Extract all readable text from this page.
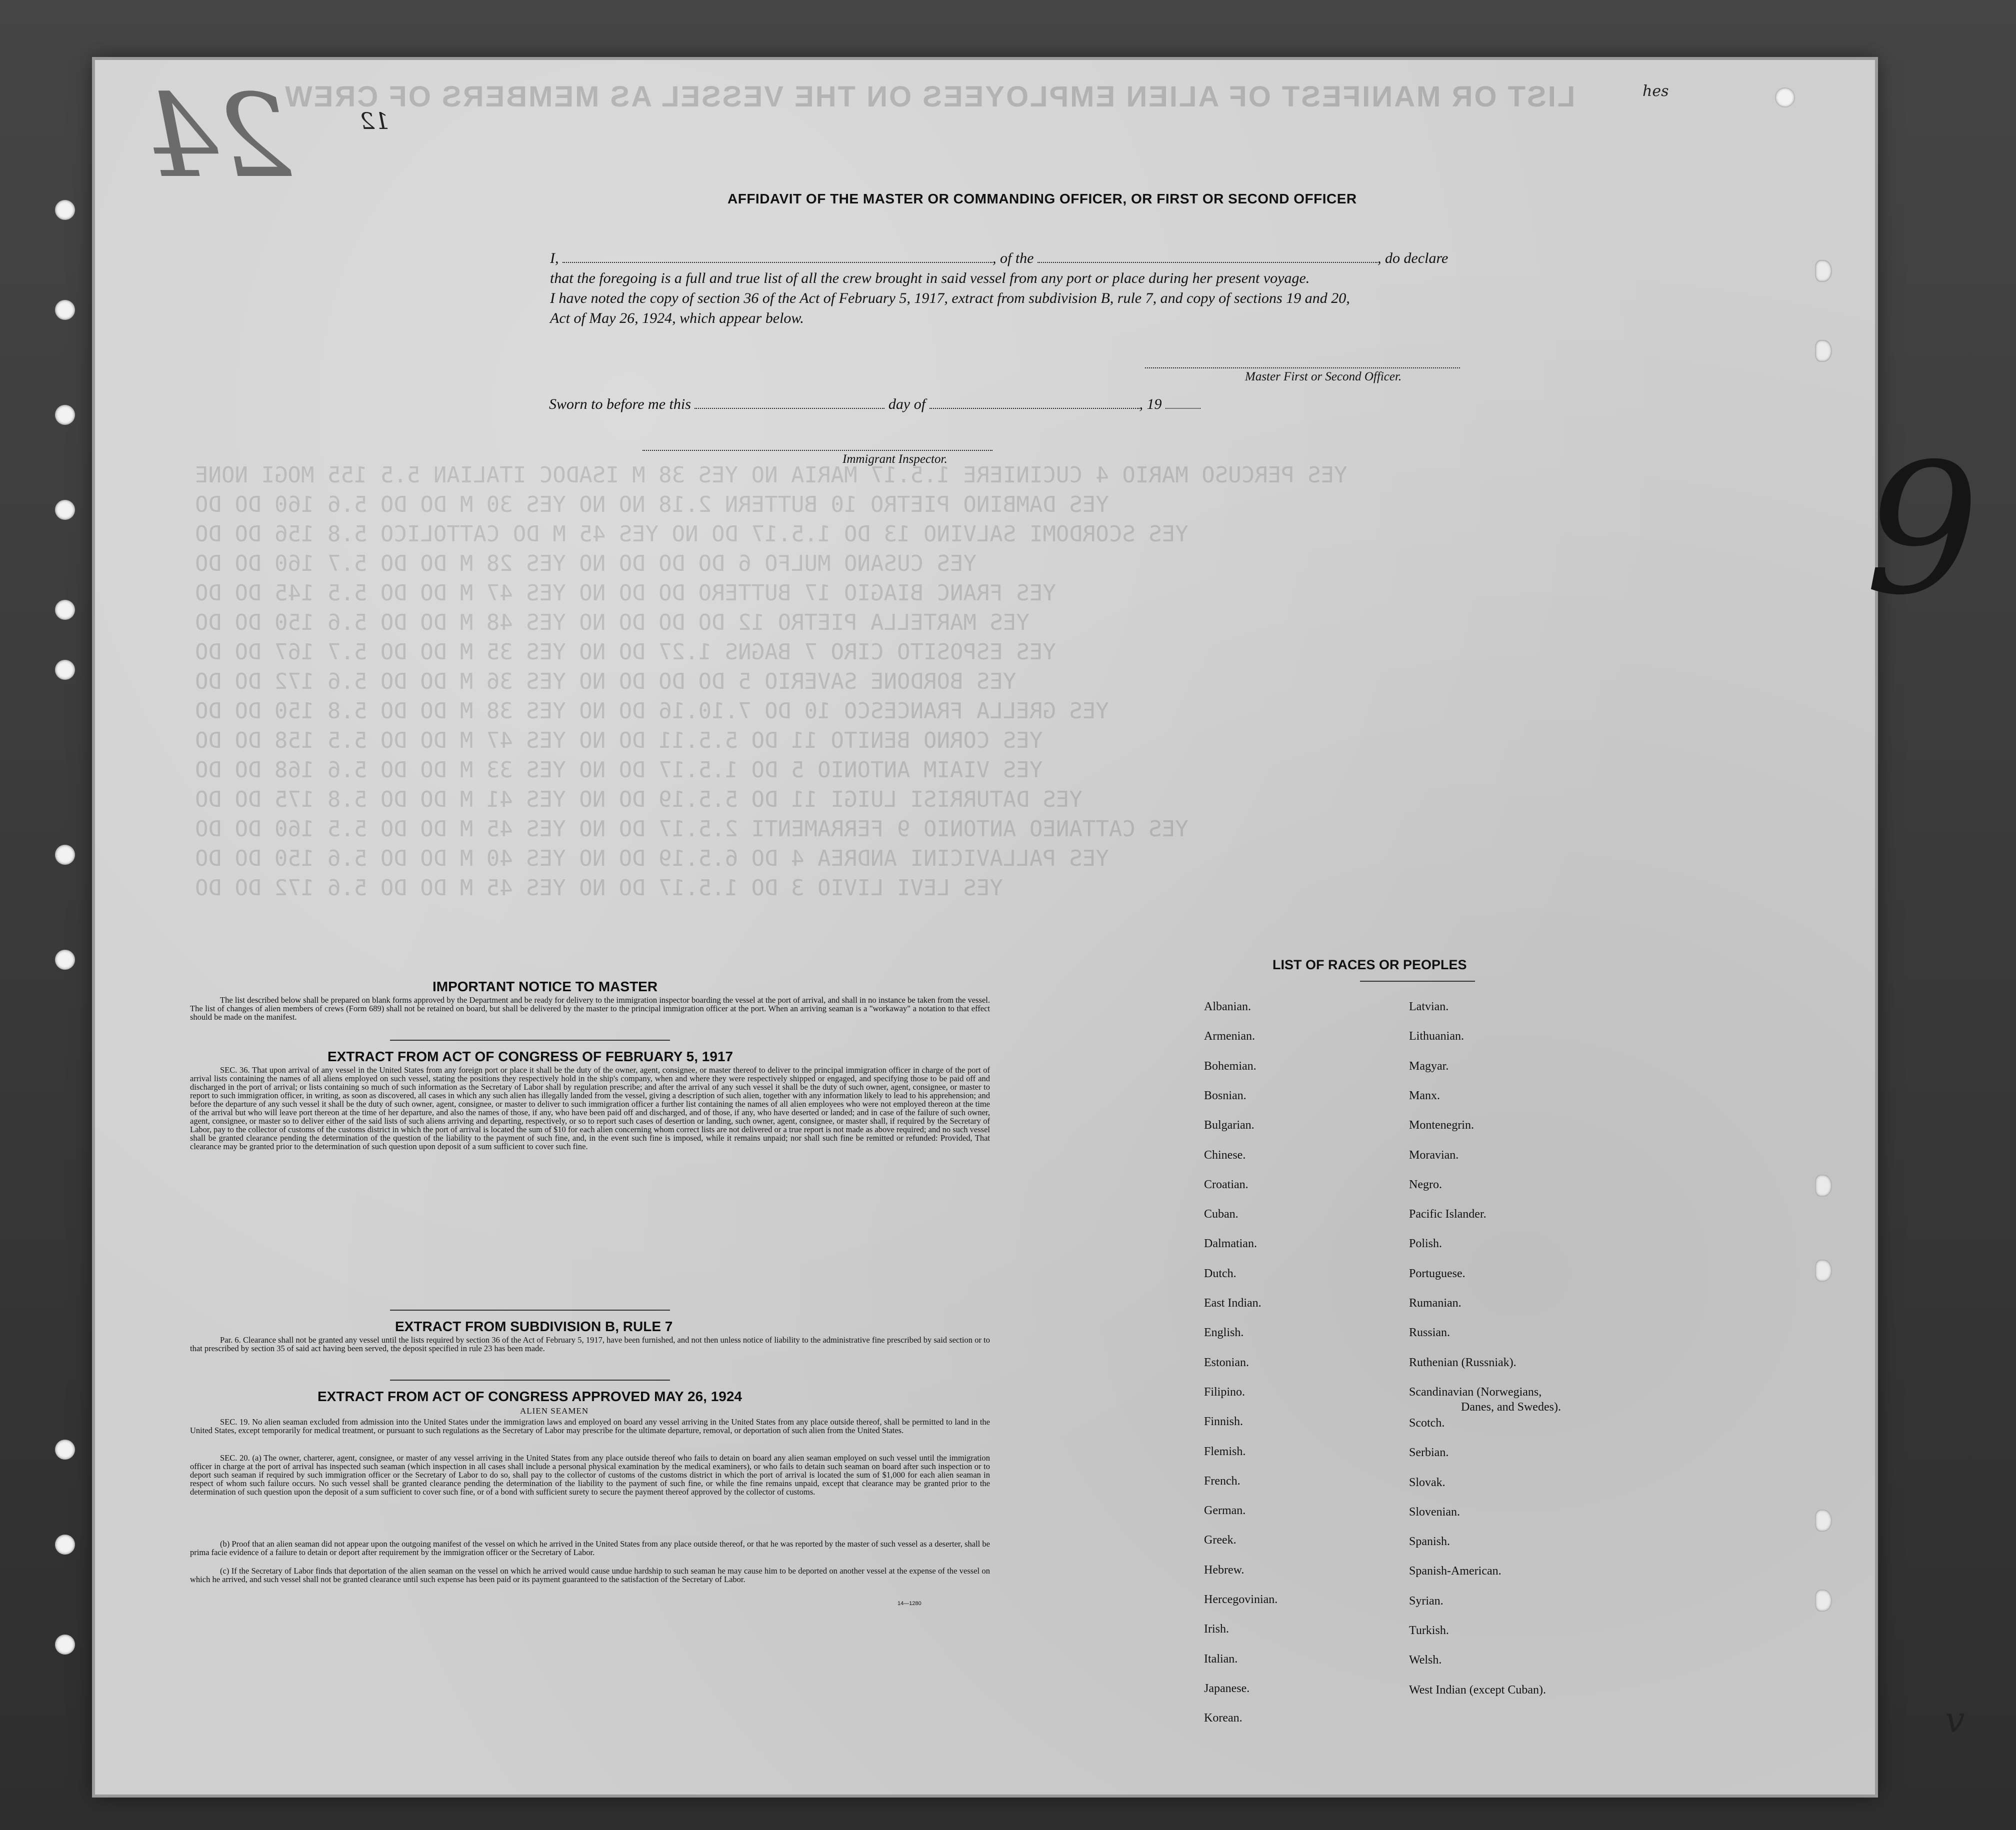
LIST OR MANIFEST OF ALIEN EMPLOYEES ON THE VESSEL AS MEMBERS OF CREW
YES PERCUSO MARIO 4 CUCINIERE 1.5.17 MARIA NO YES 38 M ISADOC ITALIAN 5.5 155 MOGI NONE
YES DAMBINO PIETRO 10 BUTTERN 2.18 NO NO YES 30 M DO DO 5.6 160 DO DO
YES SCORDOMI SALVINO 13 DO 1.5.17 DO NO YES 45 M DO CATTOLICO 5.8 156 DO DO
YES CUSANO MULFO 6 DO DO DO NO YES 28 M DO DO 5.7 160 DO DO
YES FRANC BIAGIO 17 BUTTERO DO DO NO YES 47 M DO DO 5.5 145 DO DO
YES MARTELLA PIETRO 12 DO DO DO NO YES 48 M DO DO 5.6 150 DO DO
YES ESPOSITO CIRO 7 BAGNS 1.27 DO NO YES 35 M DO DO 5.7 167 DO DO
YES BORDONE SAVERIO 5 DO DO DO NO YES 36 M DO DO 5.6 172 DO DO
YES GRELLA FRANCESCO 10 DO 7.10.16 DO NO YES 38 M DO DO 5.8 150 DO DO
YES CORNO BENITO 11 DO 5.5.11 DO NO YES 47 M DO DO 5.5 158 DO DO
YES VIAIM ANTONIO 5 DO 1.5.17 DO NO YES 33 M DO DO 5.6 168 DO DO
YES DATURRISI LUIGI 11 DO 5.5.19 DO NO YES 41 M DO DO 5.8 175 DO DO
YES CATTANEO ANTONIO 9 FERRAMENTI 2.5.17 DO NO YES 45 M DO DO 5.5 160 DO DO
YES PALLAVICINI ANDREA 4 DO 6.5.19 DO NO YES 40 M DO DO 5.6 150 DO DO
YES LEVI LIVIO 3 DO 1.5.17 DO NO YES 45 M DO DO 5.6 172 DO DO
24	12
9
hes
v
AFFIDAVIT OF THE MASTER OR COMMANDING OFFICER, OR FIRST OR SECOND OFFICER
I,	, of the	, do declare
that the foregoing is a full and true list of all the crew brought in said vessel from any port or place during her present voyage.
I have noted the copy of section 36 of the Act of February 5, 1917, extract from subdivision B, rule 7, and copy of sections 19 and 20,
Act of May 26, 1924, which appear below.
Master First or Second Officer.
Sworn to before me this	day of	, 19
Immigrant Inspector.
IMPORTANT NOTICE TO MASTER
The list described below shall be prepared on blank forms approved by the Department and be ready for delivery to the immigration inspector boarding the vessel at the port of arrival, and shall in no instance be taken from the vessel. The list of changes of alien members of crews (Form 689) shall not be retained on board, but shall be delivered by the master to the principal immigration officer at the port. When an arriving seaman is a "workaway" a notation to that effect should be made on the manifest.
EXTRACT FROM ACT OF CONGRESS OF FEBRUARY 5, 1917
SEC. 36. That upon arrival of any vessel in the United States from any foreign port or place it shall be the duty of the owner, agent, consignee, or master thereof to deliver to the principal immigration officer in charge of the port of arrival lists containing the names of all aliens employed on such vessel, stating the positions they respectively hold in the ship's company, when and where they were respectively shipped or engaged, and specifying those to be paid off and discharged in the port of arrival; or lists containing so much of such information as the Secretary of Labor shall by regulation prescribe; and after the arrival of any such vessel it shall be the duty of such owner, agent, consignee, or master to report to such immigration officer, in writing, as soon as discovered, all cases in which any such alien has illegally landed from the vessel, giving a description of such alien, together with any information likely to lead to his apprehension; and before the departure of any such vessel it shall be the duty of such owner, agent, consignee, or master to deliver to such immigration officer a further list containing the names of all alien employees who were not employed thereon at the time of the arrival but who will leave port thereon at the time of her departure, and also the names of those, if any, who have been paid off and discharged, and of those, if any, who have deserted or landed; and in case of the failure of such owner, agent, consignee, or master so to deliver either of the said lists of such aliens arriving and departing, respectively, or so to report such cases of desertion or landing, such owner, agent, consignee, or master shall, if required by the Secretary of Labor, pay to the collector of customs of the customs district in which the port of arrival is located the sum of $10 for each alien concerning whom correct lists are not delivered or a true report is not made as above required; and no such vessel shall be granted clearance pending the determination of the question of the liability to the payment of such fine, and, in the event such fine is imposed, while it remains unpaid; nor shall such fine be remitted or refunded: Provided, That clearance may be granted prior to the determination of such question upon deposit of a sum sufficient to cover such fine.
EXTRACT FROM SUBDIVISION B, RULE 7
Par. 6. Clearance shall not be granted any vessel until the lists required by section 36 of the Act of February 5, 1917, have been furnished, and not then unless notice of liability to the administrative fine prescribed by said section or to that prescribed by section 35 of said act having been served, the deposit specified in rule 23 has been made.
EXTRACT FROM ACT OF CONGRESS APPROVED MAY 26, 1924
ALIEN SEAMEN
SEC. 19. No alien seaman excluded from admission into the United States under the immigration laws and employed on board any vessel arriving in the United States from any place outside thereof, shall be permitted to land in the United States, except temporarily for medical treatment, or pursuant to such regulations as the Secretary of Labor may prescribe for the ultimate departure, removal, or deportation of such alien from the United States.
SEC. 20. (a) The owner, charterer, agent, consignee, or master of any vessel arriving in the United States from any place outside thereof who fails to detain on board any alien seaman employed on such vessel until the immigration officer in charge at the port of arrival has inspected such seaman (which inspection in all cases shall include a personal physical examination by the medical examiners), or who fails to detain such seaman on board after such inspection or to deport such seaman if required by such immigration officer or the Secretary of Labor to do so, shall pay to the collector of customs of the customs district in which the port of arrival is located the sum of $1,000 for each alien seaman in respect of whom such failure occurs. No such vessel shall be granted clearance pending the determination of the liability to the payment of such fine, or while the fine remains unpaid, except that clearance may be granted prior to the determination of such question upon the deposit of a sum sufficient to cover such fine, or of a bond with sufficient surety to secure the payment thereof approved by the collector of customs.
(b) Proof that an alien seaman did not appear upon the outgoing manifest of the vessel on which he arrived in the United States from any place outside thereof, or that he was reported by the master of such vessel as a deserter, shall be prima facie evidence of a failure to detain or deport after requirement by the immigration officer or the Secretary of Labor.
(c) If the Secretary of Labor finds that deportation of the alien seaman on the vessel on which he arrived would cause undue hardship to such seaman he may cause him to be deported on another vessel at the expense of the vessel on which he arrived, and such vessel shall not be granted clearance until such expense has been paid or its payment guaranteed to the satisfaction of the Secretary of Labor.
14—1280
LIST OF RACES OR PEOPLES
Albanian.
Armenian.
Bohemian.
Bosnian.
Bulgarian.
Chinese.
Croatian.
Cuban.
Dalmatian.
Dutch.
East Indian.
English.
Estonian.
Filipino.
Finnish.
Flemish.
French.
German.
Greek.
Hebrew.
Hercegovinian.
Irish.
Italian.
Japanese.
Korean.
Latvian.
Lithuanian.
Magyar.
Manx.
Montenegrin.
Moravian.
Negro.
Pacific Islander.
Polish.
Portuguese.
Rumanian.
Russian.
Ruthenian (Russniak).
Scandinavian (Norwegians,
Danes, and Swedes).
Scotch.
Serbian.
Slovak.
Slovenian.
Spanish.
Spanish-American.
Syrian.
Turkish.
Welsh.
West Indian (except Cuban).
